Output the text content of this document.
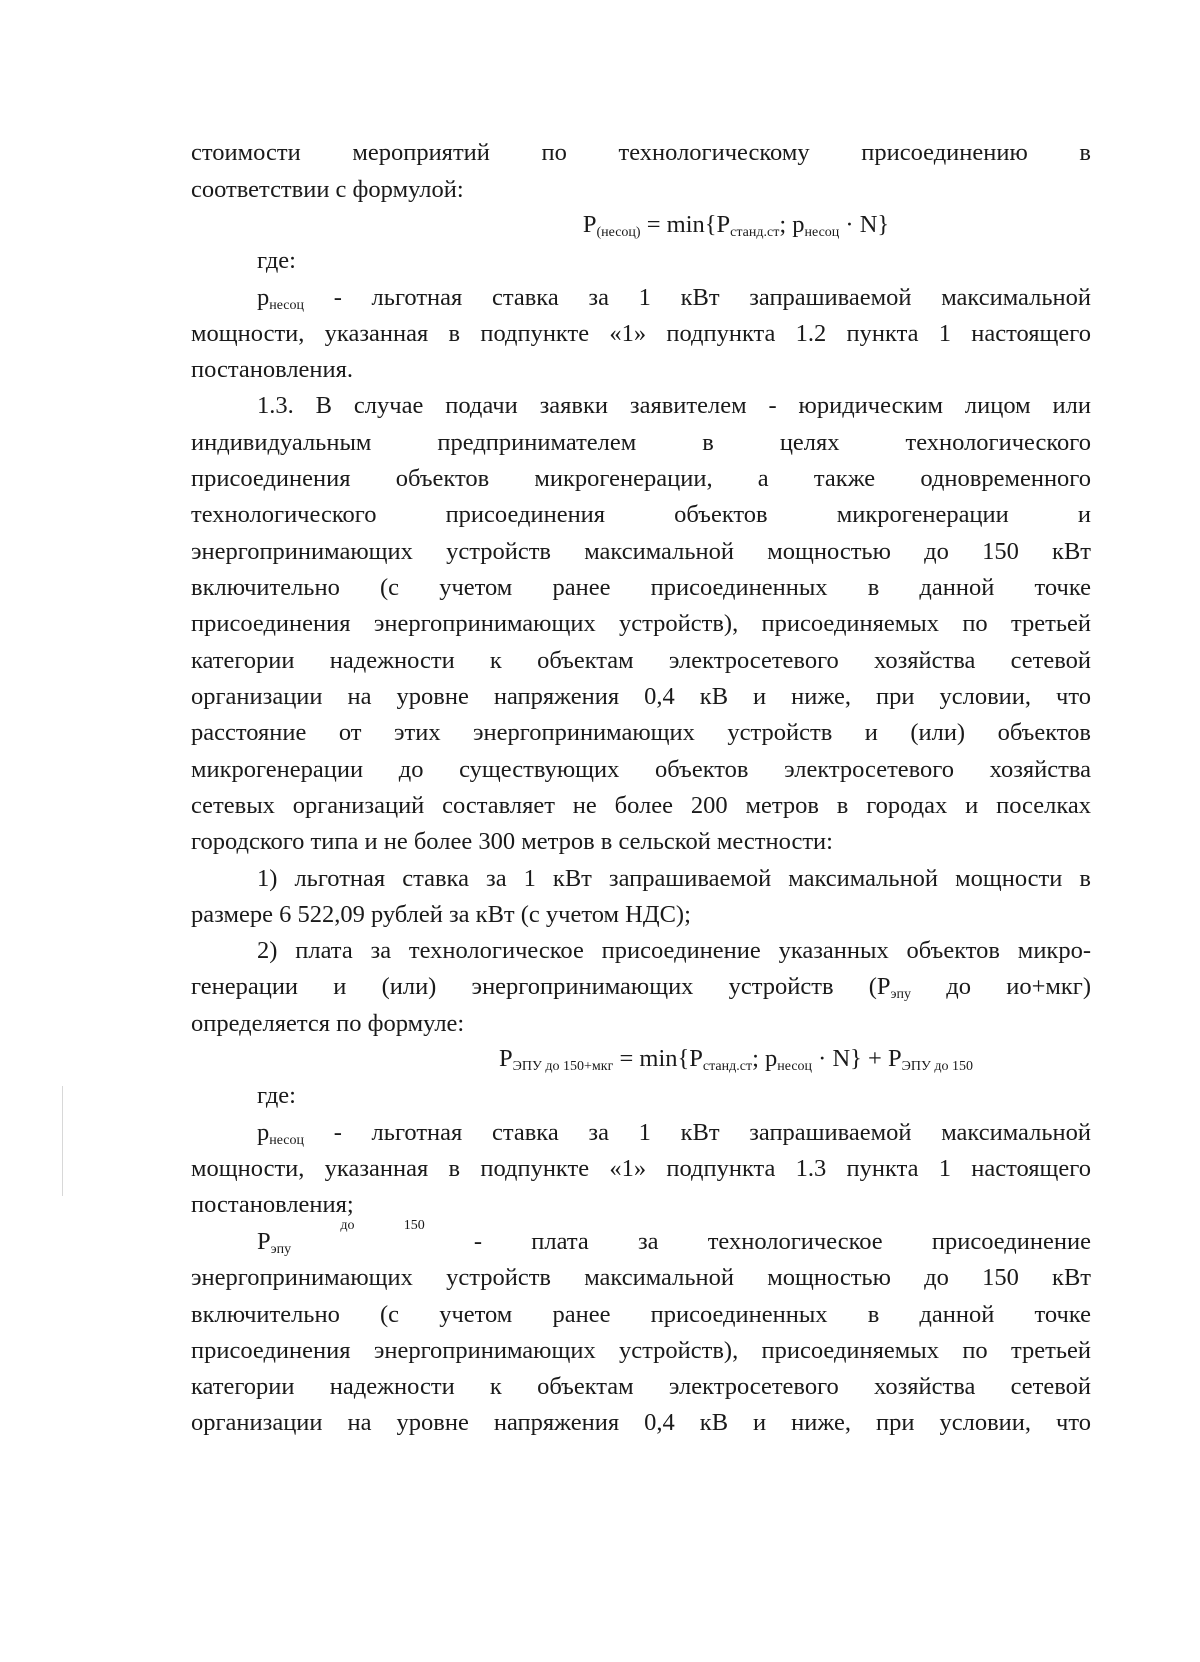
стоимости мероприятий по технологическому присоединению в
соответствии с формулой:
$P_{(несоц)} = \min\{P_{станд.ст}$; $p_{несоц} \cdot N$}
где:
$p_{несоц}$ - льготная ставка за 1 кВт запрашиваемой максимальной
мощности, указанная в подпункте «1» подпункта 1.2 пункта 1 настоящего
постановления.
1.3. В случае подачи заявки заявителем - юридическим лицом или
индивидуальным предпринимателем в целях технологического
присоединения объектов микрогенерации, а также одновременного
технологического присоединения объектов микрогенерации и
энергопринимающих устройств максимальной мощностью до 150 кВт
включительно (с учетом ранее присоединенных в данной точке
присоединения энергопринимающих устройств), присоединяемых по третьей
категории надежности к объектам электросетевого хозяйства сетевой
организации на уровне напряжения 0,4 кВ и ниже, при условии, что
расстояние от этих энергопринимающих устройств и (или) объектов
микрогенерации до существующих объектов электросетевого хозяйства
сетевых организаций составляет не более 200 метров в городах и поселках
городского типа и не более 300 метров в сельской местности:
1) льготная ставка за 1 кВт запрашиваемой максимальной мощности в
размере 6 522,09 рублей за кВт (с учетом НДС);
2) плата за технологическое присоединение указанных объектов микро-
генерации и (или) энергопринимающих устройств ($P_{эпу}$ до ио+мкг)
определяется по формуле:
$P_{ЭПУ до 150+мкг} = \min\{P_{станд.ст}$; $p_{несоц} \cdot N\} + P_{ЭПУ до 150}$
где:
$p_{несоц}$ - льготная ставка за 1 кВт запрашиваемой максимальной
мощности, указанная в подпункте «1» подпункта 1.3 пункта 1 настоящего
постановления;
$P_{эпу}$
до	150
- плата за технологическое присоединение
энергопринимающих устройств максимальной мощностью до 150 кВт
включительно (с учетом ранее присоединенных в данной точке
присоединения энергопринимающих устройств), присоединяемых по третьей
категории надежности к объектам электросетевого хозяйства сетевой
организации на уровне напряжения 0,4 кВ и ниже, при условии, что
